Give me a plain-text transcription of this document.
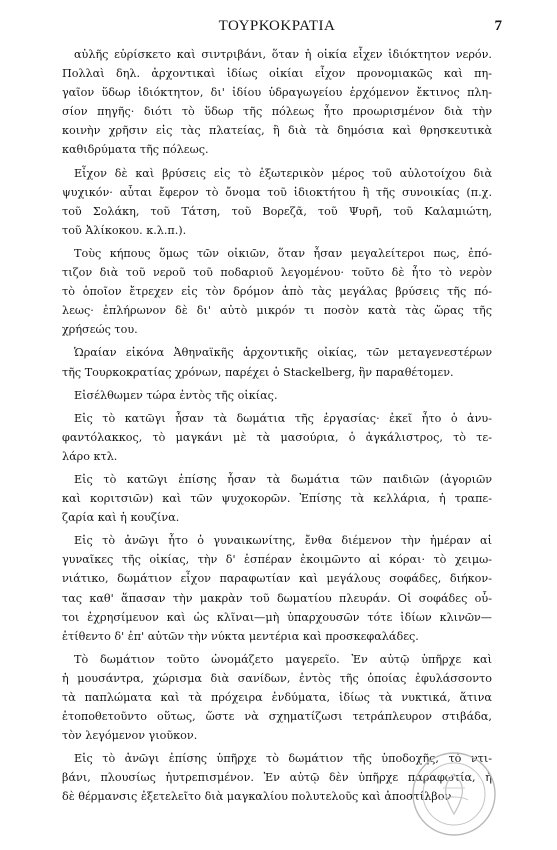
ΤΟΥΡΚΟΚΡΑΤΙΑ	7
αὐλῆς εὑρίσκετο καὶ σιντριβάνι, ὅταν ἡ οἰκία εἶχεν ἰδιόκτητον νερόν.
Πολλαὶ δηλ. ἀρχοντικαὶ ἰδίως οἰκίαι εἶχον προνομιακῶς καὶ πη-
γαῖον ὕδωρ ἰδιόκτητον, δι' ἰδίου ὑδραγωγείου ἐρχόμενον ἔκτινος πλη-
σίον πηγῆς· διότι τὸ ὕδωρ τῆς πόλεως ἦτο προωρισμένον διὰ τὴν
κοινὴν χρῆσιν εἰς τὰς πλατείας, ἢ διὰ τὰ δημόσια καὶ θρησκευτικὰ
καθιδρύματα τῆς πόλεως.
Εἶχον δὲ καὶ βρύσεις εἰς τὸ ἐξωτερικὸν μέρος τοῦ αὐλοτοίχου διὰ
ψυχικόν· αὗται ἔφερον τὸ ὄνομα τοῦ ἰδιοκτήτου ἢ τῆς συνοικίας (π.χ.
τοῦ Σολάκη, τοῦ Τάτση, τοῦ Βορεζᾶ, τοῦ Ψυρῆ, τοῦ Καλαμιώτη,
τοῦ Ἀλίκοκου. κ.λ.π.).
Τοὺς κήπους ὅμως τῶν οἰκιῶν, ὅταν ἦσαν μεγαλείτεροι πως, ἐπό-
τιζον διὰ τοῦ νεροῦ τοῦ ποδαριοῦ λεγομένου· τοῦτο δὲ ἦτο τὸ νερὸν
τὸ ὁποῖον ἔτρεχεν εἰς τὸν δρόμον ἀπὸ τὰς μεγάλας βρύσεις τῆς πό-
λεως· ἐπλήρωνον δὲ δι' αὐτὸ μικρόν τι ποσὸν κατὰ τὰς ὥρας τῆς
χρήσεώς του.
Ὡραίαν εἰκόνα Ἀθηναϊκῆς ἀρχοντικῆς οἰκίας, τῶν μεταγενεστέρων
τῆς Τουρκοκρατίας χρόνων, παρέχει ὁ Stackelberg, ἣν παραθέτομεν.
Εἰσέλθωμεν τώρα ἐντὸς τῆς οἰκίας.
Εἰς τὸ κατῶγι ἦσαν τὰ δωμάτια τῆς ἐργασίας· ἐκεῖ ἦτο ὁ ἀνυ-
φαντόλακκος, τὸ μαγκάνι μὲ τὰ μασούρια, ὁ ἀγκάλιστρος, τὸ τε-
λάρο κτλ.
Εἰς τὸ κατῶγι ἐπίσης ἦσαν τὰ δωμάτια τῶν παιδιῶν (ἀγοριῶν
καὶ κοριτσιῶν) καὶ τῶν ψυχοκορῶν. Ἐπίσης τὰ κελλάρια, ἡ τραπε-
ζαρία καὶ ἡ κουζίνα.
Εἰς τὸ ἀνῶγι ἦτο ὁ γυναικωνίτης, ἔνθα διέμενον τὴν ἡμέραν αἱ
γυναῖκες τῆς οἰκίας, τὴν δ' ἑσπέραν ἐκοιμῶντο αἱ κόραι· τὸ χειμω-
νιάτικο, δωμάτιον εἶχον παραφωτίαν καὶ μεγάλους σοφάδες, διήκον-
τας καθ' ἅπασαν τὴν μακρὰν τοῦ δωματίου πλευράν. Οἱ σοφάδες οὗ-
τοι ἐχρησίμευον καὶ ὡς κλῖναι—μὴ ὑπαρχουσῶν τότε ἰδίων κλινῶν—
ἐτίθεντο δ' ἐπ' αὐτῶν τὴν νύκτα μεντέρια καὶ προσκεφαλάδες.
Τὸ δωμάτιον τοῦτο ὠνομάζετο μαγερεῖο. Ἐν αὐτῷ ὑπῆρχε καὶ
ἡ μουσάντρα, χώρισμα διὰ σανίδων, ἐντὸς τῆς ὁποίας ἐφυλάσσοντο
τὰ παπλώματα καὶ τὰ πρόχειρα ἐνδύματα, ἰδίως τὰ νυκτικά, ἅτινα
ἐτοποθετοῦντο οὕτως, ὥστε νὰ σχηματίζωσι τετράπλευρον στιβάδα,
τὸν λεγόμενον γιοῦκον.
Εἰς τὸ ἀνῶγι ἐπίσης ὑπῆρχε τὸ δωμάτιον τῆς ὑποδοχῆς, τὸ ντι-
βάνι, πλουσίως ἠυτρεπισμένον. Ἐν αὐτῷ δὲν ὑπῆρχε παραφωτία, ἡ
δὲ θέρμανσις ἐξετελεῖτο διὰ μαγκαλίου πολυτελοῦς καὶ ἀποστίλβον-
